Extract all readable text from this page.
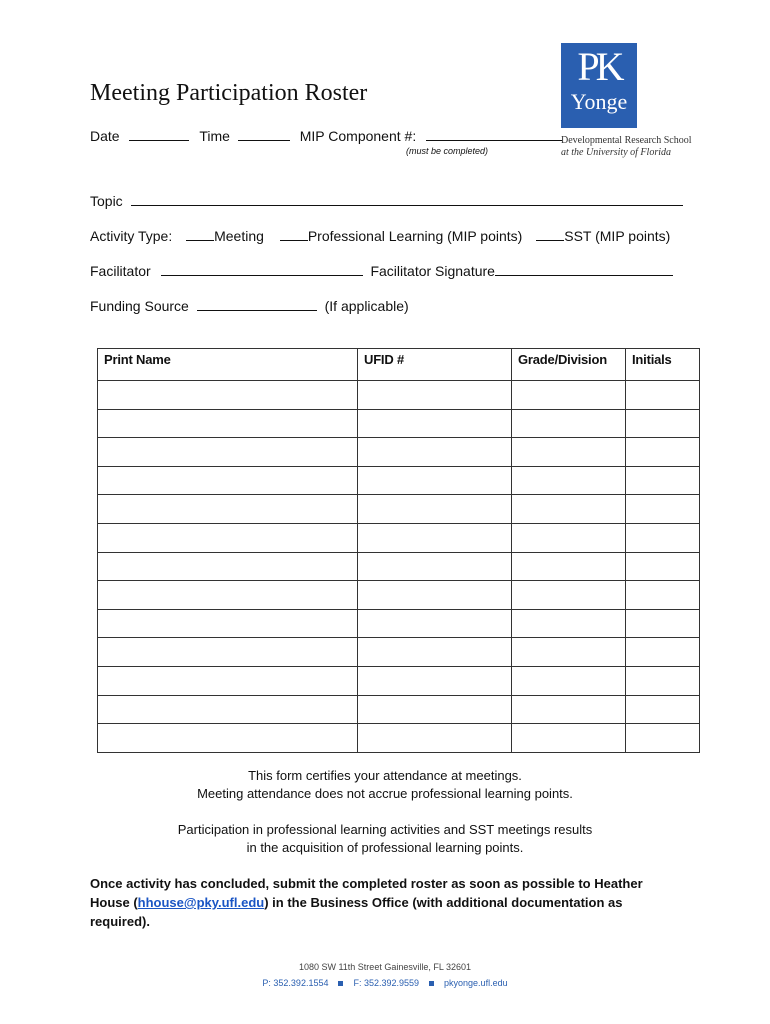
Meeting Participation Roster
PK
Yonge
Developmental Research School
at the University of Florida
Date	Time	MIP Component #:
(must be completed)
Topic
Activity Type:	Meeting	Professional Learning (MIP points)	SST (MIP points)
Facilitator	Facilitator Signature
Funding Source	(If applicable)
Print Name	UFID #	Grade/Division	Initials

This form certifies your attendance at meetings.
Meeting attendance does not accrue professional learning points.
Participation in professional learning activities and SST meetings results
in the acquisition of professional learning points.
Once activity has concluded, submit the completed roster as soon as possible to Heather House (hhouse@pky.ufl.edu) in the Business Office (with additional documentation as required).
1080 SW 11th Street Gainesville, FL 32601
P: 352.392.1554	F: 352.392.9559	pkyonge.ufl.edu
